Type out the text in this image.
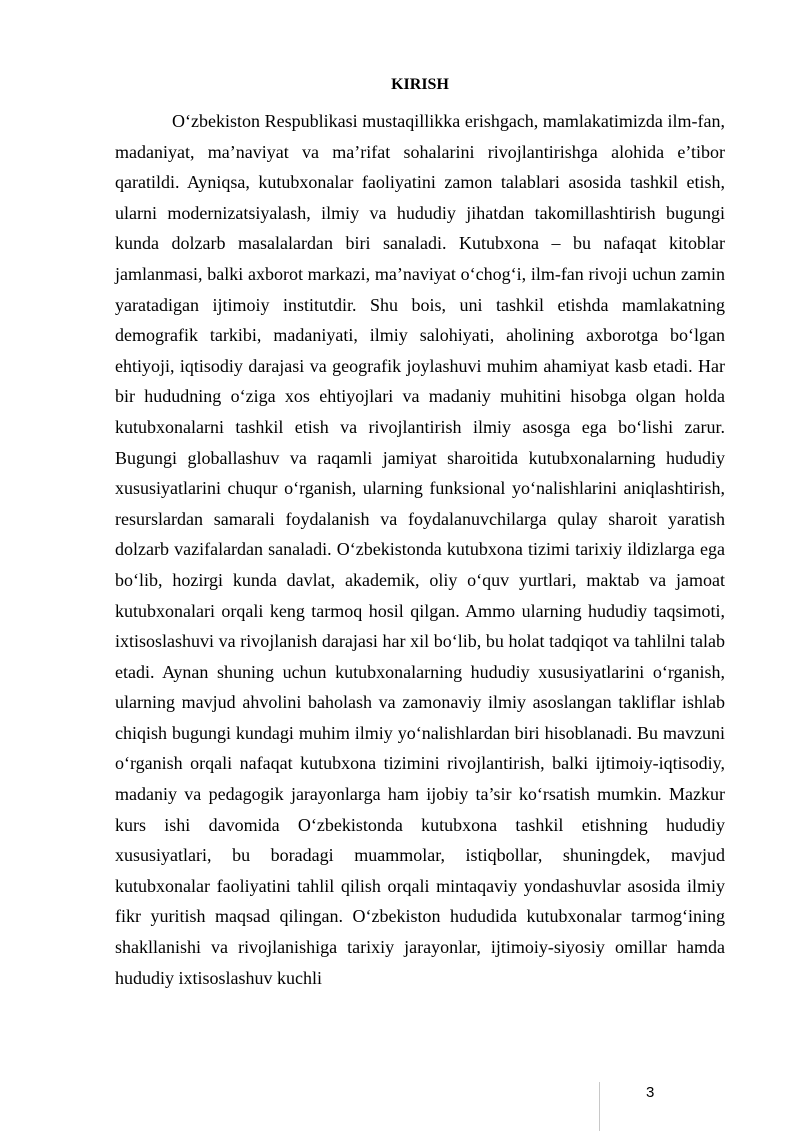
KIRISH

O‘zbekiston Respublikasi mustaqillikka erishgach, mamlakatimizda ilm-fan, madaniyat, ma’naviyat va ma’rifat sohalarini rivojlantirishga alohida e’tibor qaratildi. Ayniqsa, kutubxonalar faoliyatini zamon talablari asosida tashkil etish, ularni modernizatsiyalash, ilmiy va hududiy jihatdan takomillashtirish bugungi kunda dolzarb masalalardan biri sanaladi. Kutubxona – bu nafaqat kitoblar jamlanmasi, balki axborot markazi, ma’naviyat o‘chog‘i, ilm-fan rivoji uchun zamin yaratadigan ijtimoiy institutdir. Shu bois, uni tashkil etishda mamlakatning demografik tarkibi, madaniyati, ilmiy salohiyati, aholining axborotga bo‘lgan ehtiyoji, iqtisodiy darajasi va geografik joylashuvi muhim ahamiyat kasb etadi. Har bir hududning o‘ziga xos ehtiyojlari va madaniy muhitini hisobga olgan holda kutubxonalarni tashkil etish va rivojlantirish ilmiy asosga ega bo‘lishi zarur. Bugungi globallashuv va raqamli jamiyat sharoitida kutubxonalarning hududiy xususiyatlarini chuqur o‘rganish, ularning funksional yo‘nalishlarini aniqlashtirish, resurslardan samarali foydalanish va foydalanuvchilarga qulay sharoit yaratish dolzarb vazifalardan sanaladi. O‘zbekistonda kutubxona tizimi tarixiy ildizlarga ega bo‘lib, hozirgi kunda davlat, akademik, oliy o‘quv yurtlari, maktab va jamoat kutubxonalari orqali keng tarmoq hosil qilgan. Ammo ularning hududiy taqsimoti, ixtisoslashuvi va rivojlanish darajasi har xil bo‘lib, bu holat tadqiqot va tahlilni talab etadi. Aynan shuning uchun kutubxonalarning hududiy xususiyatlarini o‘rganish, ularning mavjud ahvolini baholash va zamonaviy ilmiy asoslangan takliflar ishlab chiqish bugungi kundagi muhim ilmiy yo‘nalishlardan biri hisoblanadi. Bu mavzuni o‘rganish orqali nafaqat kutubxona tizimini rivojlantirish, balki ijtimoiy-iqtisodiy, madaniy va pedagogik jarayonlarga ham ijobiy ta’sir ko‘rsatish mumkin. Mazkur kurs ishi davomida O‘zbekistonda kutubxona tashkil etishning hududiy xususiyatlari, bu boradagi muammolar, istiqbollar, shuningdek, mavjud kutubxonalar faoliyatini tahlil qilish orqali mintaqaviy yondashuvlar asosida ilmiy fikr yuritish maqsad qilingan. O‘zbekiston hududida kutubxonalar tarmog‘ining shakllanishi va rivojlanishiga tarixiy jarayonlar, ijtimoiy-siyosiy omillar hamda hududiy ixtisoslashuv kuchli

3
